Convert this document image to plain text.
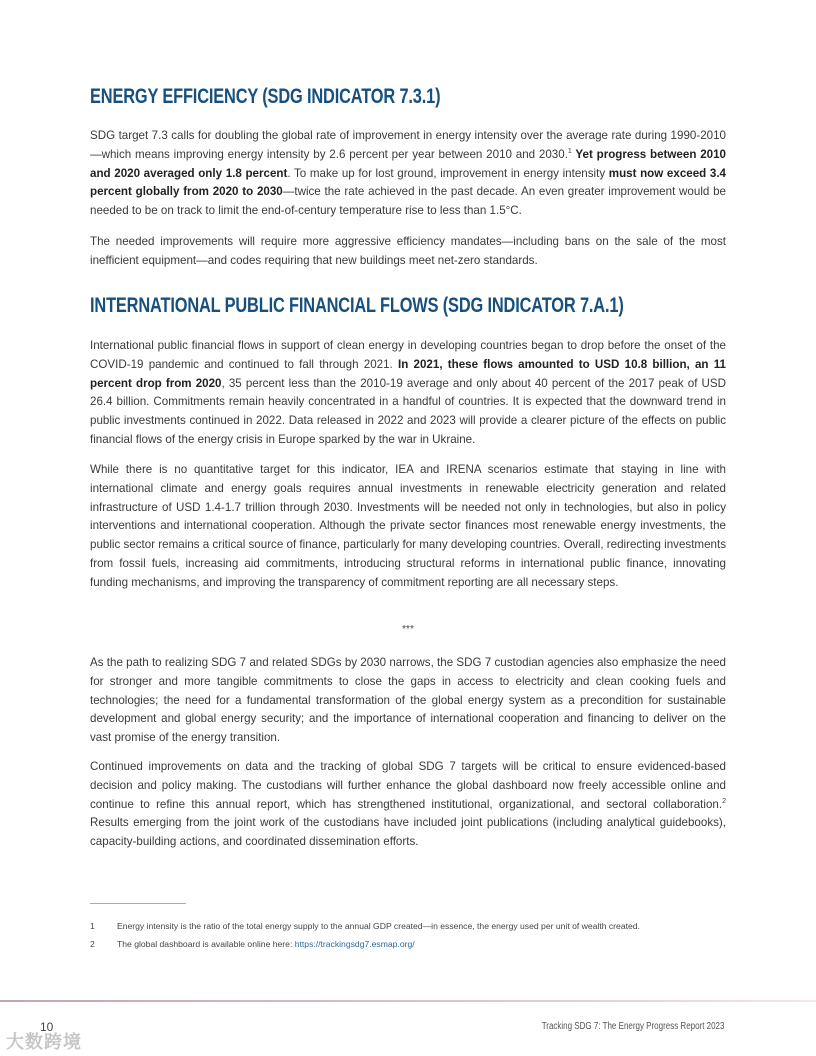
ENERGY EFFICIENCY (SDG INDICATOR 7.3.1)

SDG target 7.3 calls for doubling the global rate of improvement in energy intensity over the average rate during 1990-2010—which means improving energy intensity by 2.6 percent per year between 2010 and 2030.$^1$ Yet progress between 2010 and 2020 averaged only 1.8 percent. To make up for lost ground, improvement in energy intensity must now exceed 3.4 percent globally from 2020 to 2030—twice the rate achieved in the past decade. An even greater improvement would be needed to be on track to limit the end-of-century temperature rise to less than 1.5°C.

The needed improvements will require more aggressive efficiency mandates—including bans on the sale of the most inefficient equipment—and codes requiring that new buildings meet net-zero standards.

INTERNATIONAL PUBLIC FINANCIAL FLOWS (SDG INDICATOR 7.A.1)

International public financial flows in support of clean energy in developing countries began to drop before the onset of the COVID-19 pandemic and continued to fall through 2021. In 2021, these flows amounted to USD 10.8 billion, an 11 percent drop from 2020, 35 percent less than the 2010-19 average and only about 40 percent of the 2017 peak of USD 26.4 billion. Commitments remain heavily concentrated in a handful of countries. It is expected that the downward trend in public investments continued in 2022. Data released in 2022 and 2023 will provide a clearer picture of the effects on public financial flows of the energy crisis in Europe sparked by the war in Ukraine.

While there is no quantitative target for this indicator, IEA and IRENA scenarios estimate that staying in line with international climate and energy goals requires annual investments in renewable electricity generation and related infrastructure of USD 1.4-1.7 trillion through 2030. Investments will be needed not only in technologies, but also in policy interventions and international cooperation. Although the private sector finances most renewable energy investments, the public sector remains a critical source of finance, particularly for many developing countries. Overall, redirecting investments from fossil fuels, increasing aid commitments, introducing structural reforms in international public finance, innovating funding mechanisms, and improving the transparency of commitment reporting are all necessary steps.

***

As the path to realizing SDG 7 and related SDGs by 2030 narrows, the SDG 7 custodian agencies also emphasize the need for stronger and more tangible commitments to close the gaps in access to electricity and clean cooking fuels and technologies; the need for a fundamental transformation of the global energy system as a precondition for sustainable development and global energy security; and the importance of international cooperation and financing to deliver on the vast promise of the energy transition.

Continued improvements on data and the tracking of global SDG 7 targets will be critical to ensure evidenced-based decision and policy making. The custodians will further enhance the global dashboard now freely accessible online and continue to refine this annual report, which has strengthened institutional, organizational, and sectoral collaboration.$^2$ Results emerging from the joint work of the custodians have included joint publications (including analytical guidebooks), capacity-building actions, and coordinated dissemination efforts.

1	Energy intensity is the ratio of the total energy supply to the annual GDP created—in essence, the energy used per unit of wealth created.
2	The global dashboard is available online here: https://trackingsdg7.esmap.org/
10	Tracking SDG 7: The Energy Progress Report 2023
大数跨境
